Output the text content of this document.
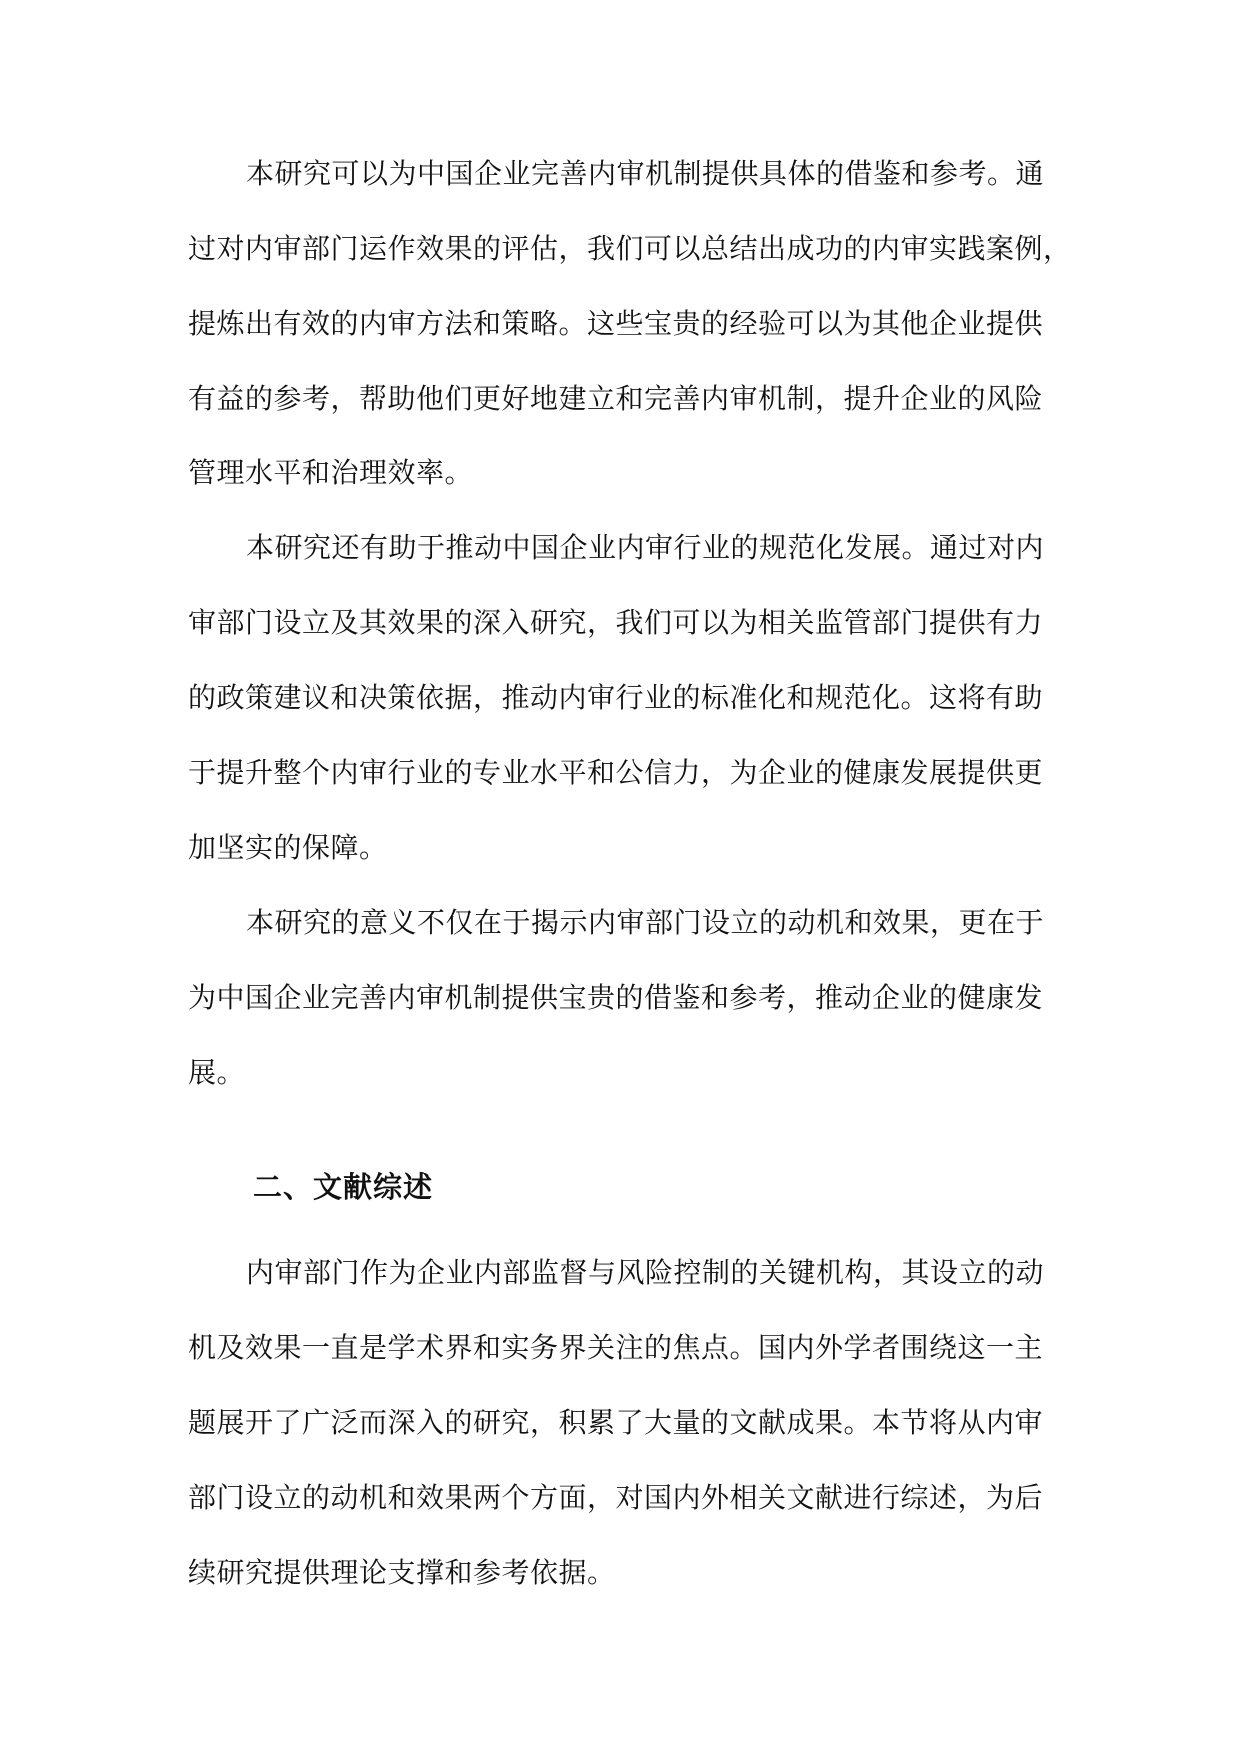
本研究可以为中国企业完善内审机制提供具体的借鉴和参考。通
过对内审部门运作效果的评估，我们可以总结出成功的内审实践案例，
提炼出有效的内审方法和策略。这些宝贵的经验可以为其他企业提供
有益的参考，帮助他们更好地建立和完善内审机制，提升企业的风险
管理水平和治理效率。
本研究还有助于推动中国企业内审行业的规范化发展。通过对内
审部门设立及其效果的深入研究，我们可以为相关监管部门提供有力
的政策建议和决策依据，推动内审行业的标准化和规范化。这将有助
于提升整个内审行业的专业水平和公信力，为企业的健康发展提供更
加坚实的保障。
本研究的意义不仅在于揭示内审部门设立的动机和效果，更在于
为中国企业完善内审机制提供宝贵的借鉴和参考，推动企业的健康发
展。
二、文献综述
内审部门作为企业内部监督与风险控制的关键机构，其设立的动
机及效果一直是学术界和实务界关注的焦点。国内外学者围绕这一主
题展开了广泛而深入的研究，积累了大量的文献成果。本节将从内审
部门设立的动机和效果两个方面，对国内外相关文献进行综述，为后
续研究提供理论支撑和参考依据。
